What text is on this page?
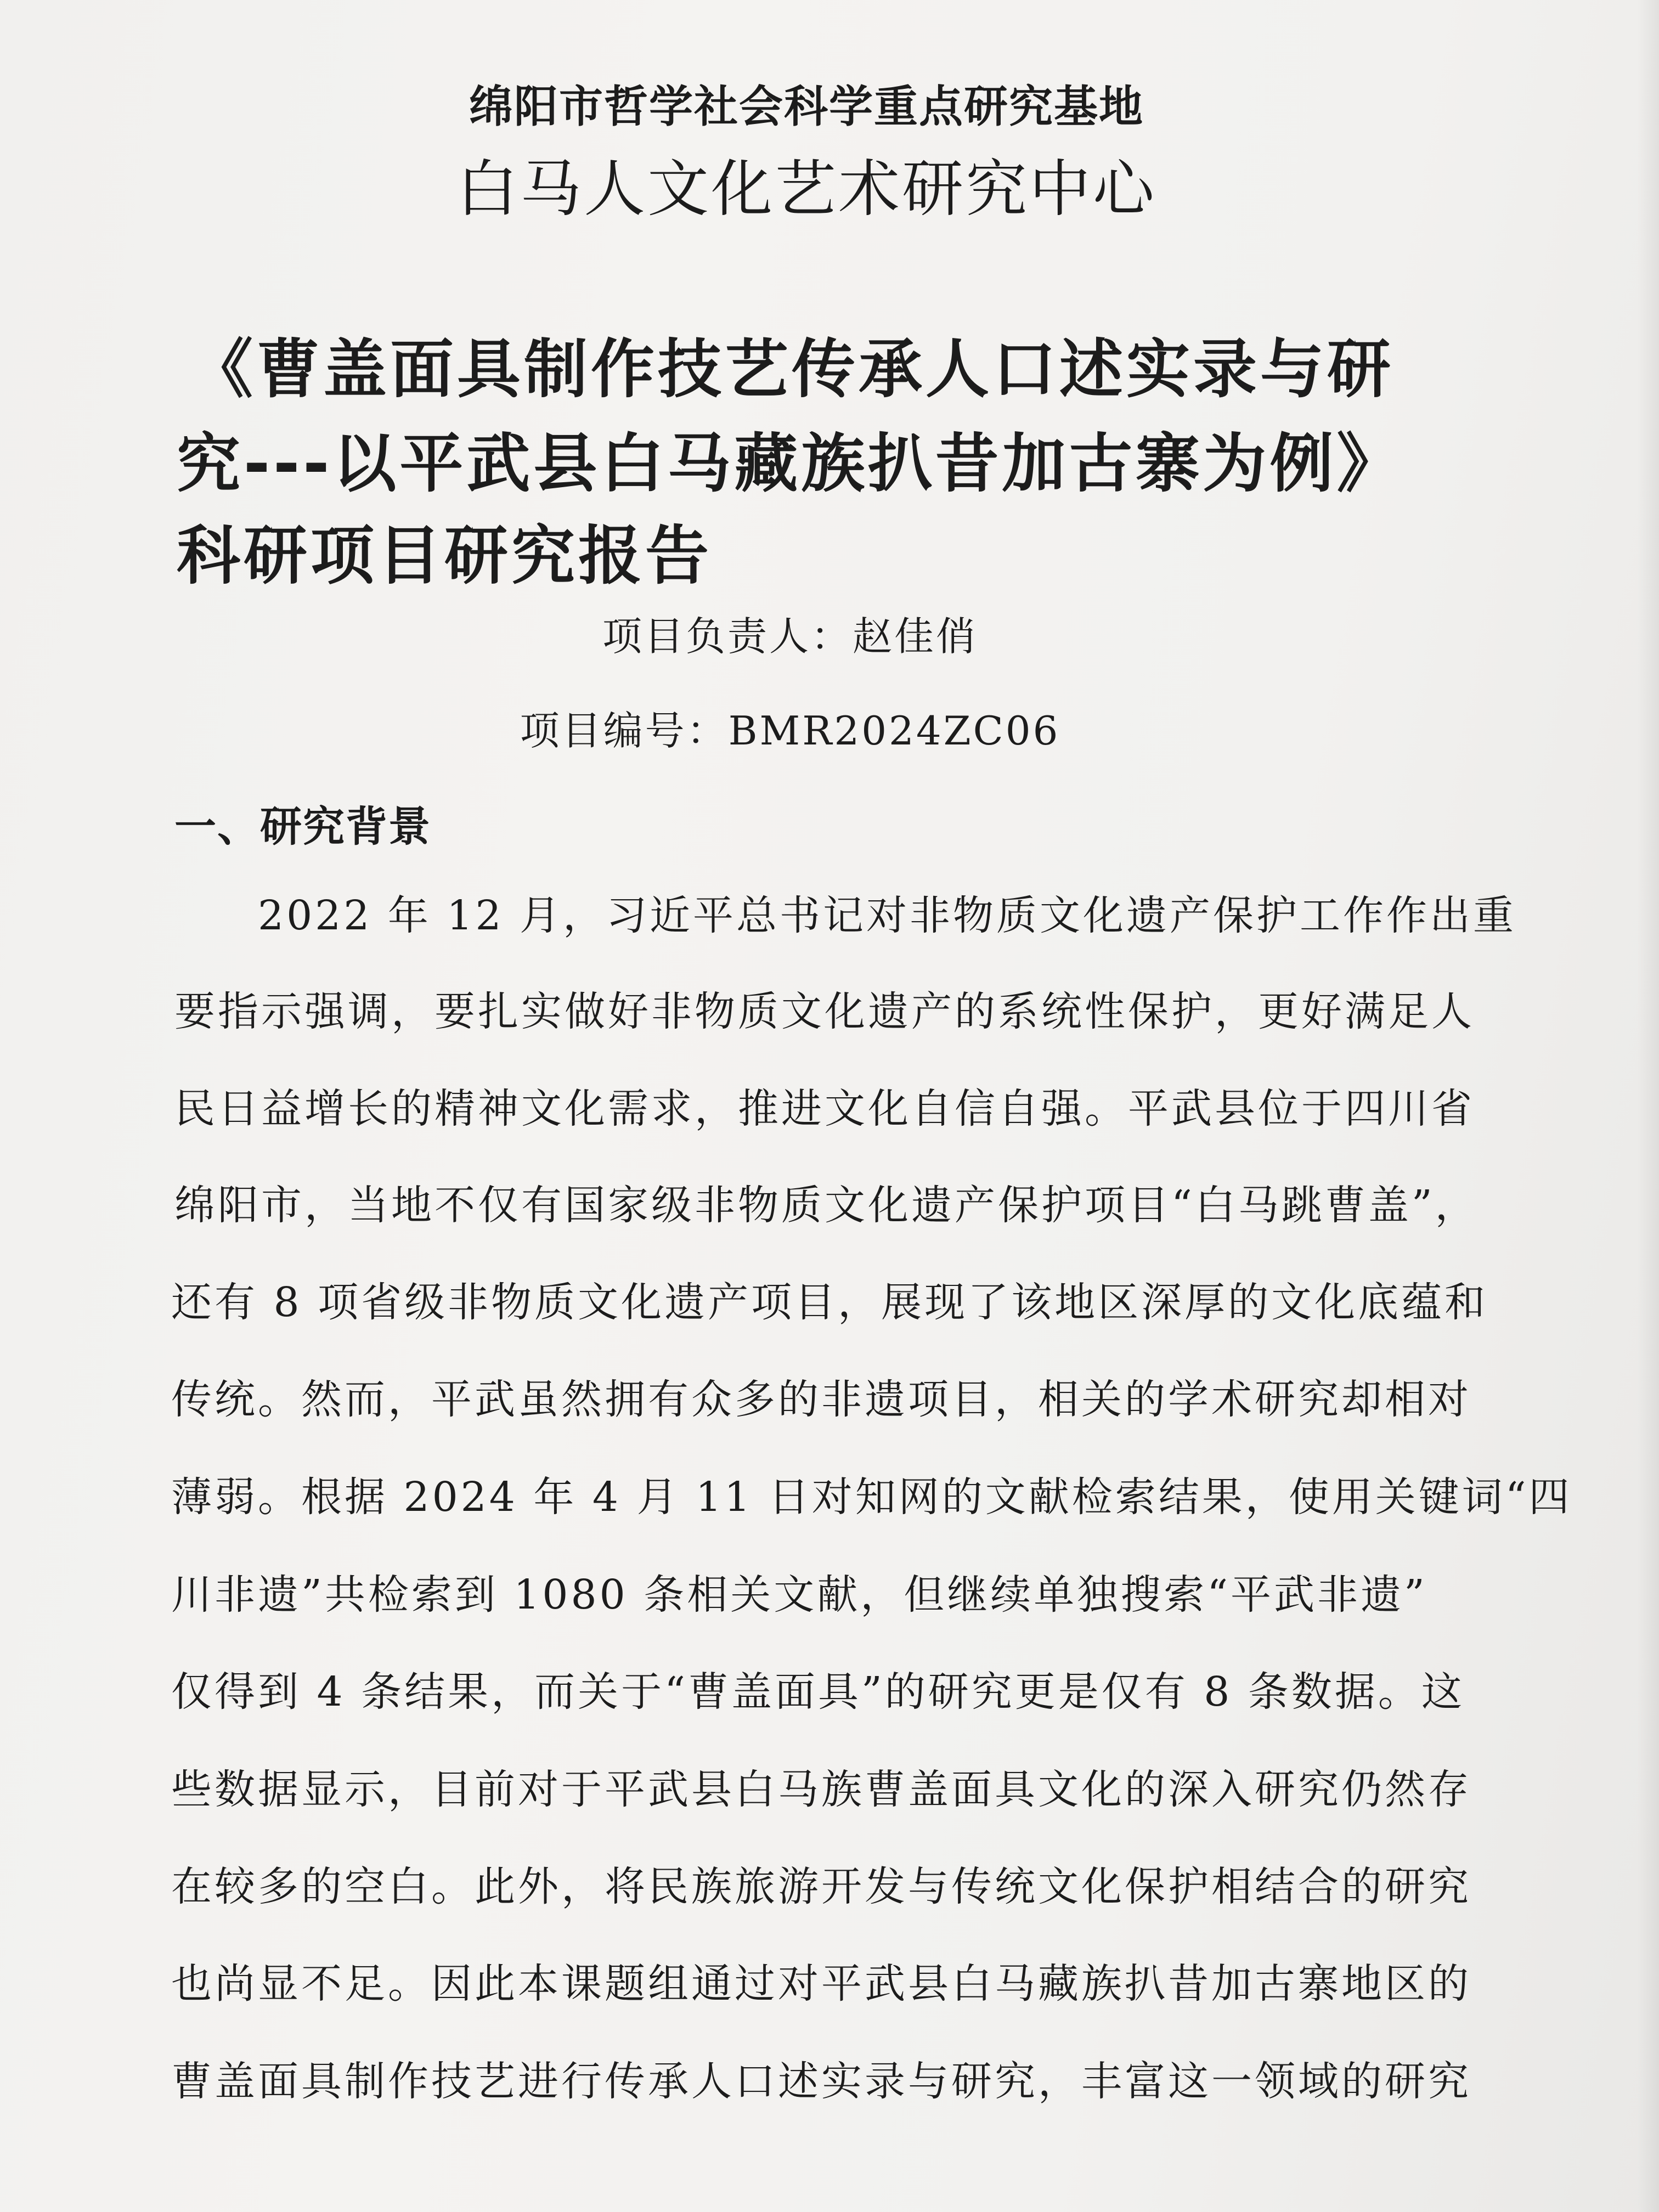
绵阳市哲学社会科学重点研究基地

白马人文化艺术研究中心

《曹盖面具制作技艺传承人口述实录与研

究---以平武县白马藏族扒昔加古寨为例》

科研项目研究报告

项目负责人：赵佳俏

项目编号：BMR2024ZC06

一、研究背景

2022 年 12 月，习近平总书记对非物质文化遗产保护工作作出重

要指示强调，要扎实做好非物质文化遗产的系统性保护，更好满足人

民日益增长的精神文化需求，推进文化自信自强。平武县位于四川省

绵阳市，当地不仅有国家级非物质文化遗产保护项目“白马跳曹盖”，

还有 8 项省级非物质文化遗产项目，展现了该地区深厚的文化底蕴和

传统。然而，平武虽然拥有众多的非遗项目，相关的学术研究却相对

薄弱。根据 2024 年 4 月 11 日对知网的文献检索结果，使用关键词“四

川非遗”共检索到 1080 条相关文献，但继续单独搜索“平武非遗”

仅得到 4 条结果，而关于“曹盖面具”的研究更是仅有 8 条数据。这

些数据显示，目前对于平武县白马族曹盖面具文化的深入研究仍然存

在较多的空白。此外，将民族旅游开发与传统文化保护相结合的研究

也尚显不足。因此本课题组通过对平武县白马藏族扒昔加古寨地区的

曹盖面具制作技艺进行传承人口述实录与研究，丰富这一领域的研究
